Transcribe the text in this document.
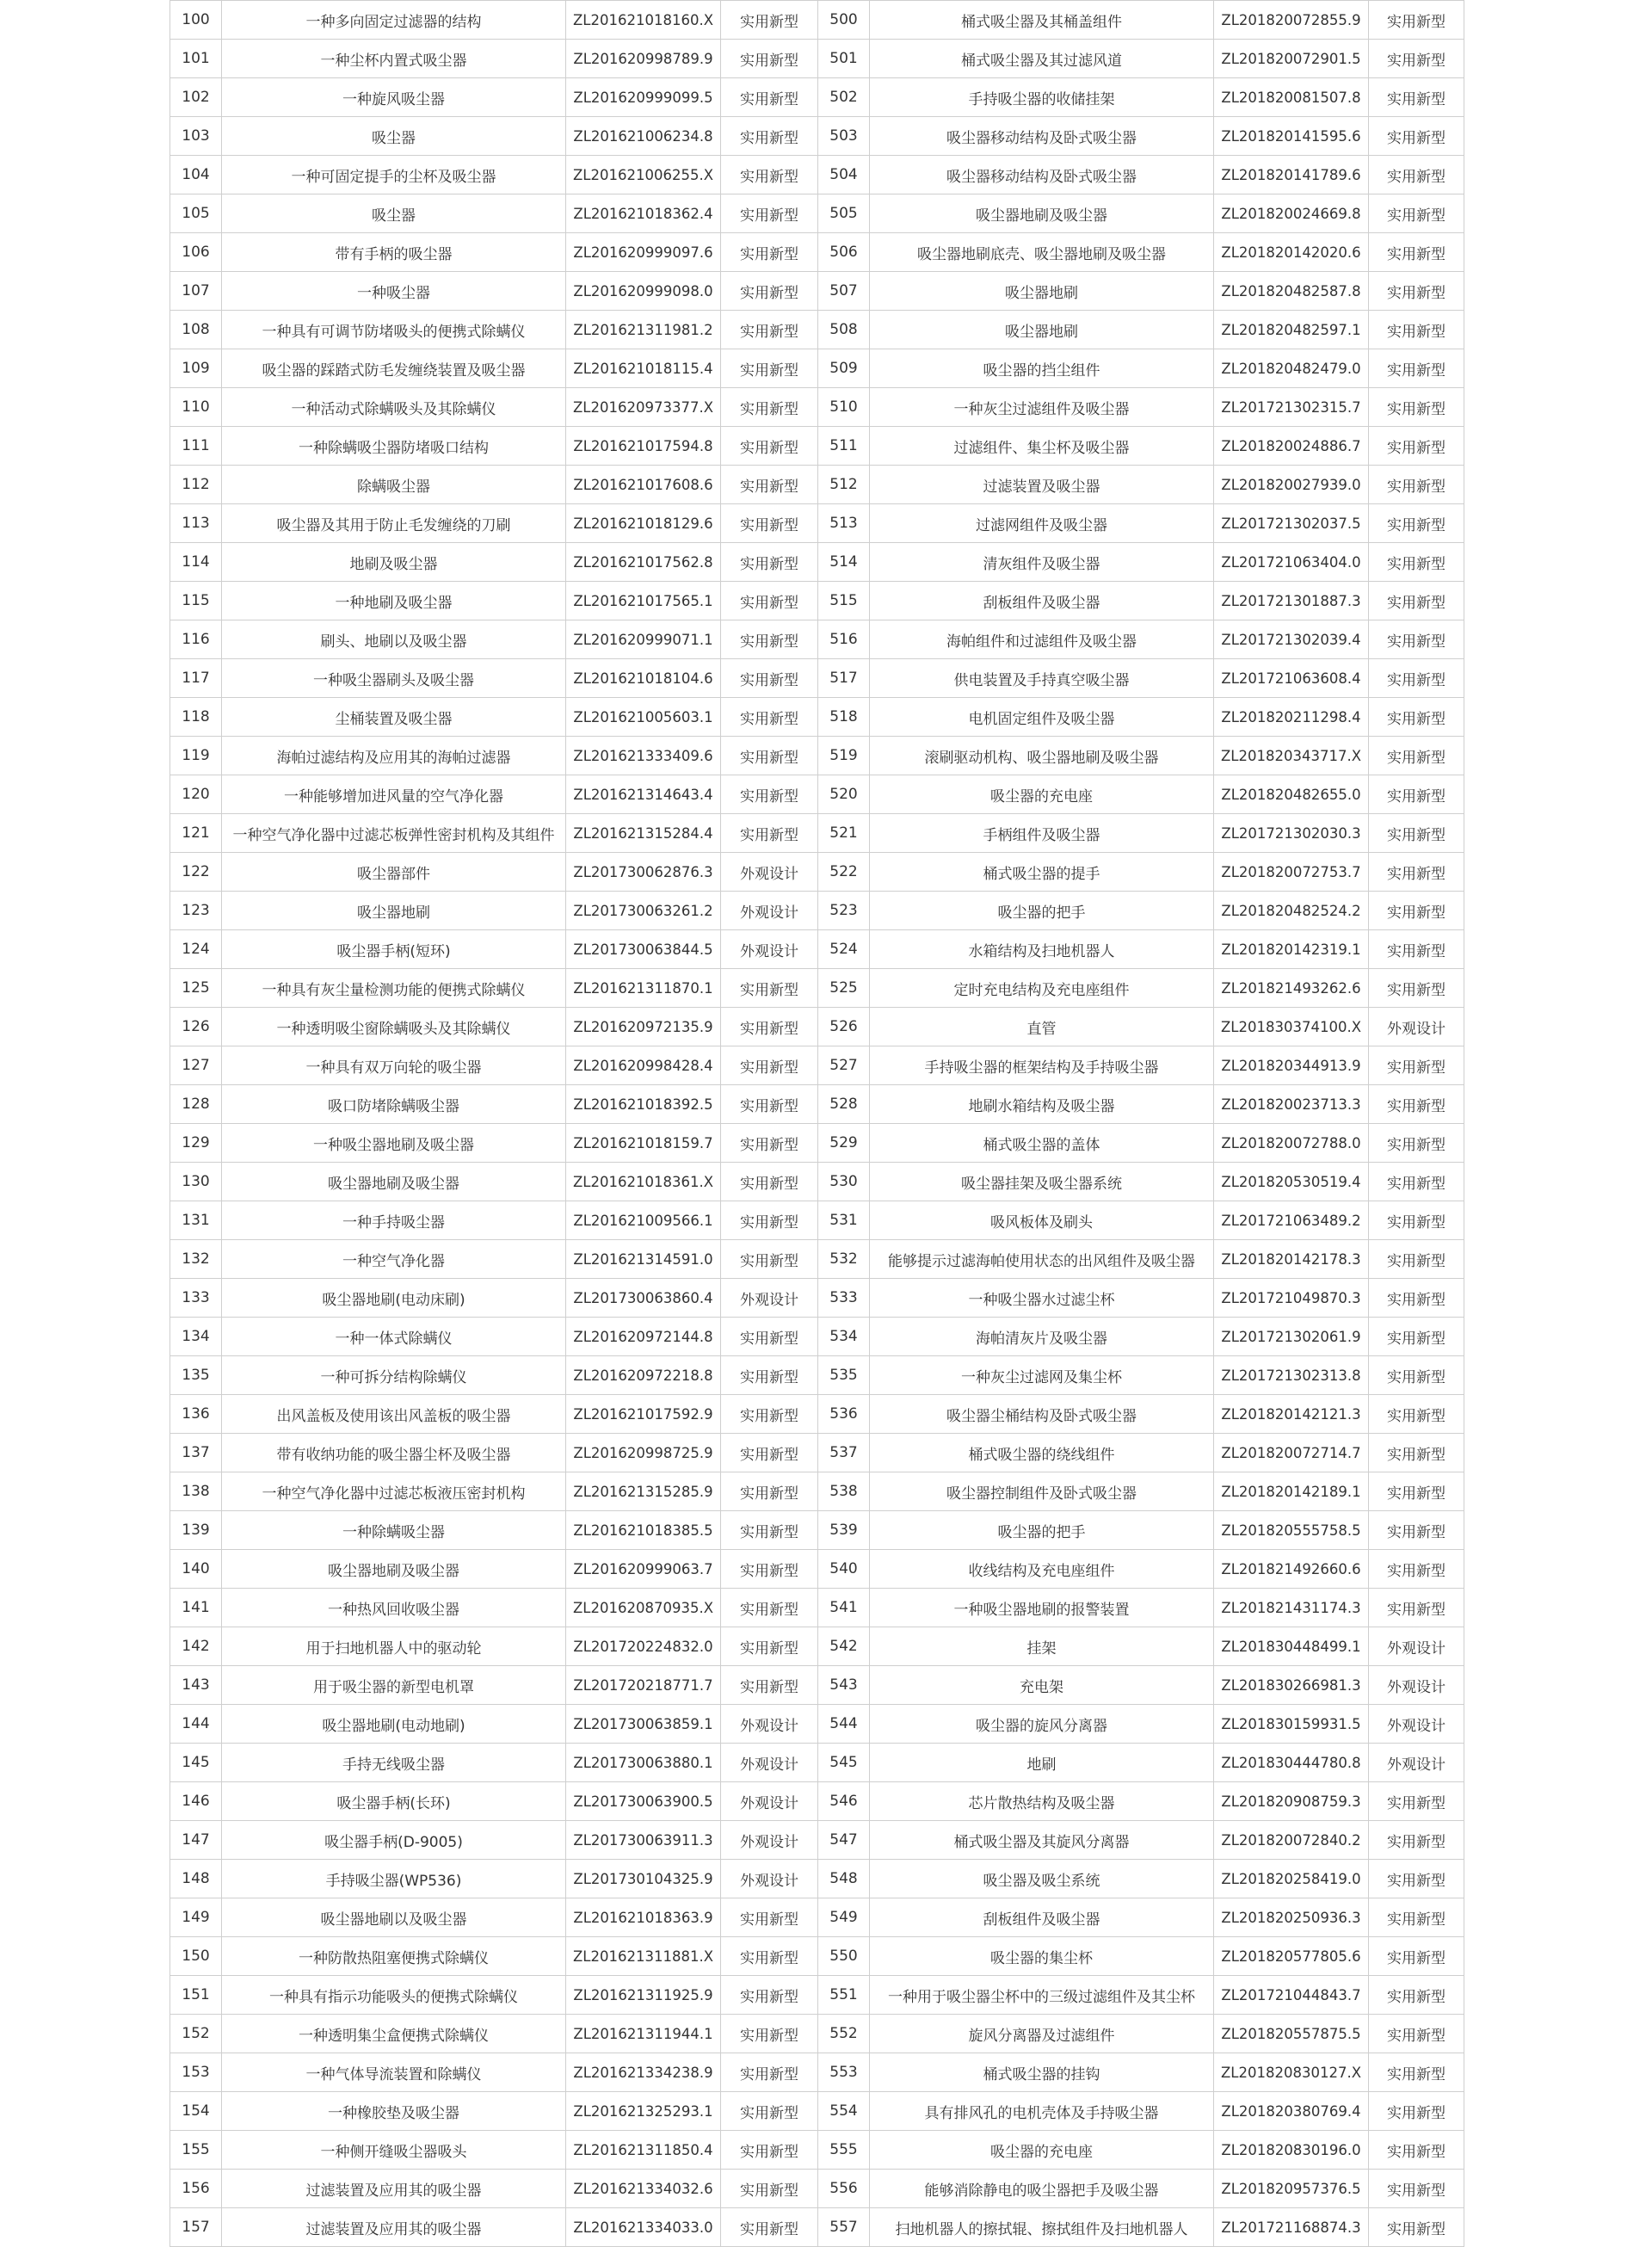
100	一种多向固定过滤器的结构	ZL201621018160.X	实用新型	500	桶式吸尘器及其桶盖组件	ZL201820072855.9	实用新型
101	一种尘杯内置式吸尘器	ZL201620998789.9	实用新型	501	桶式吸尘器及其过滤风道	ZL201820072901.5	实用新型
102	一种旋风吸尘器	ZL201620999099.5	实用新型	502	手持吸尘器的收储挂架	ZL201820081507.8	实用新型
103	吸尘器	ZL201621006234.8	实用新型	503	吸尘器移动结构及卧式吸尘器	ZL201820141595.6	实用新型
104	一种可固定提手的尘杯及吸尘器	ZL201621006255.X	实用新型	504	吸尘器移动结构及卧式吸尘器	ZL201820141789.6	实用新型
105	吸尘器	ZL201621018362.4	实用新型	505	吸尘器地刷及吸尘器	ZL201820024669.8	实用新型
106	带有手柄的吸尘器	ZL201620999097.6	实用新型	506	吸尘器地刷底壳、吸尘器地刷及吸尘器	ZL201820142020.6	实用新型
107	一种吸尘器	ZL201620999098.0	实用新型	507	吸尘器地刷	ZL201820482587.8	实用新型
108	一种具有可调节防堵吸头的便携式除螨仪	ZL201621311981.2	实用新型	508	吸尘器地刷	ZL201820482597.1	实用新型
109	吸尘器的踩踏式防毛发缠绕装置及吸尘器	ZL201621018115.4	实用新型	509	吸尘器的挡尘组件	ZL201820482479.0	实用新型
110	一种活动式除螨吸头及其除螨仪	ZL201620973377.X	实用新型	510	一种灰尘过滤组件及吸尘器	ZL201721302315.7	实用新型
111	一种除螨吸尘器防堵吸口结构	ZL201621017594.8	实用新型	511	过滤组件、集尘杯及吸尘器	ZL201820024886.7	实用新型
112	除螨吸尘器	ZL201621017608.6	实用新型	512	过滤装置及吸尘器	ZL201820027939.0	实用新型
113	吸尘器及其用于防止毛发缠绕的刀刷	ZL201621018129.6	实用新型	513	过滤网组件及吸尘器	ZL201721302037.5	实用新型
114	地刷及吸尘器	ZL201621017562.8	实用新型	514	清灰组件及吸尘器	ZL201721063404.0	实用新型
115	一种地刷及吸尘器	ZL201621017565.1	实用新型	515	刮板组件及吸尘器	ZL201721301887.3	实用新型
116	刷头、地刷以及吸尘器	ZL201620999071.1	实用新型	516	海帕组件和过滤组件及吸尘器	ZL201721302039.4	实用新型
117	一种吸尘器刷头及吸尘器	ZL201621018104.6	实用新型	517	供电装置及手持真空吸尘器	ZL201721063608.4	实用新型
118	尘桶装置及吸尘器	ZL201621005603.1	实用新型	518	电机固定组件及吸尘器	ZL201820211298.4	实用新型
119	海帕过滤结构及应用其的海帕过滤器	ZL201621333409.6	实用新型	519	滚刷驱动机构、吸尘器地刷及吸尘器	ZL201820343717.X	实用新型
120	一种能够增加进风量的空气净化器	ZL201621314643.4	实用新型	520	吸尘器的充电座	ZL201820482655.0	实用新型
121	一种空气净化器中过滤芯板弹性密封机构及其组件	ZL201621315284.4	实用新型	521	手柄组件及吸尘器	ZL201721302030.3	实用新型
122	吸尘器部件	ZL201730062876.3	外观设计	522	桶式吸尘器的提手	ZL201820072753.7	实用新型
123	吸尘器地刷	ZL201730063261.2	外观设计	523	吸尘器的把手	ZL201820482524.2	实用新型
124	吸尘器手柄(短环)	ZL201730063844.5	外观设计	524	水箱结构及扫地机器人	ZL201820142319.1	实用新型
125	一种具有灰尘量检测功能的便携式除螨仪	ZL201621311870.1	实用新型	525	定时充电结构及充电座组件	ZL201821493262.6	实用新型
126	一种透明吸尘窗除螨吸头及其除螨仪	ZL201620972135.9	实用新型	526	直管	ZL201830374100.X	外观设计
127	一种具有双万向轮的吸尘器	ZL201620998428.4	实用新型	527	手持吸尘器的框架结构及手持吸尘器	ZL201820344913.9	实用新型
128	吸口防堵除螨吸尘器	ZL201621018392.5	实用新型	528	地刷水箱结构及吸尘器	ZL201820023713.3	实用新型
129	一种吸尘器地刷及吸尘器	ZL201621018159.7	实用新型	529	桶式吸尘器的盖体	ZL201820072788.0	实用新型
130	吸尘器地刷及吸尘器	ZL201621018361.X	实用新型	530	吸尘器挂架及吸尘器系统	ZL201820530519.4	实用新型
131	一种手持吸尘器	ZL201621009566.1	实用新型	531	吸风板体及刷头	ZL201721063489.2	实用新型
132	一种空气净化器	ZL201621314591.0	实用新型	532	能够提示过滤海帕使用状态的出风组件及吸尘器	ZL201820142178.3	实用新型
133	吸尘器地刷(电动床刷)	ZL201730063860.4	外观设计	533	一种吸尘器水过滤尘杯	ZL201721049870.3	实用新型
134	一种一体式除螨仪	ZL201620972144.8	实用新型	534	海帕清灰片及吸尘器	ZL201721302061.9	实用新型
135	一种可拆分结构除螨仪	ZL201620972218.8	实用新型	535	一种灰尘过滤网及集尘杯	ZL201721302313.8	实用新型
136	出风盖板及使用该出风盖板的吸尘器	ZL201621017592.9	实用新型	536	吸尘器尘桶结构及卧式吸尘器	ZL201820142121.3	实用新型
137	带有收纳功能的吸尘器尘杯及吸尘器	ZL201620998725.9	实用新型	537	桶式吸尘器的绕线组件	ZL201820072714.7	实用新型
138	一种空气净化器中过滤芯板液压密封机构	ZL201621315285.9	实用新型	538	吸尘器控制组件及卧式吸尘器	ZL201820142189.1	实用新型
139	一种除螨吸尘器	ZL201621018385.5	实用新型	539	吸尘器的把手	ZL201820555758.5	实用新型
140	吸尘器地刷及吸尘器	ZL201620999063.7	实用新型	540	收线结构及充电座组件	ZL201821492660.6	实用新型
141	一种热风回收吸尘器	ZL201620870935.X	实用新型	541	一种吸尘器地刷的报警装置	ZL201821431174.3	实用新型
142	用于扫地机器人中的驱动轮	ZL201720224832.0	实用新型	542	挂架	ZL201830448499.1	外观设计
143	用于吸尘器的新型电机罩	ZL201720218771.7	实用新型	543	充电架	ZL201830266981.3	外观设计
144	吸尘器地刷(电动地刷)	ZL201730063859.1	外观设计	544	吸尘器的旋风分离器	ZL201830159931.5	外观设计
145	手持无线吸尘器	ZL201730063880.1	外观设计	545	地刷	ZL201830444780.8	外观设计
146	吸尘器手柄(长环)	ZL201730063900.5	外观设计	546	芯片散热结构及吸尘器	ZL201820908759.3	实用新型
147	吸尘器手柄(D-9005)	ZL201730063911.3	外观设计	547	桶式吸尘器及其旋风分离器	ZL201820072840.2	实用新型
148	手持吸尘器(WP536)	ZL201730104325.9	外观设计	548	吸尘器及吸尘系统	ZL201820258419.0	实用新型
149	吸尘器地刷以及吸尘器	ZL201621018363.9	实用新型	549	刮板组件及吸尘器	ZL201820250936.3	实用新型
150	一种防散热阻塞便携式除螨仪	ZL201621311881.X	实用新型	550	吸尘器的集尘杯	ZL201820577805.6	实用新型
151	一种具有指示功能吸头的便携式除螨仪	ZL201621311925.9	实用新型	551	一种用于吸尘器尘杯中的三级过滤组件及其尘杯	ZL201721044843.7	实用新型
152	一种透明集尘盒便携式除螨仪	ZL201621311944.1	实用新型	552	旋风分离器及过滤组件	ZL201820557875.5	实用新型
153	一种气体导流装置和除螨仪	ZL201621334238.9	实用新型	553	桶式吸尘器的挂钩	ZL201820830127.X	实用新型
154	一种橡胶垫及吸尘器	ZL201621325293.1	实用新型	554	具有排风孔的电机壳体及手持吸尘器	ZL201820380769.4	实用新型
155	一种侧开缝吸尘器吸头	ZL201621311850.4	实用新型	555	吸尘器的充电座	ZL201820830196.0	实用新型
156	过滤装置及应用其的吸尘器	ZL201621334032.6	实用新型	556	能够消除静电的吸尘器把手及吸尘器	ZL201820957376.5	实用新型
157	过滤装置及应用其的吸尘器	ZL201621334033.0	实用新型	557	扫地机器人的擦拭辊、擦拭组件及扫地机器人	ZL201721168874.3	实用新型
